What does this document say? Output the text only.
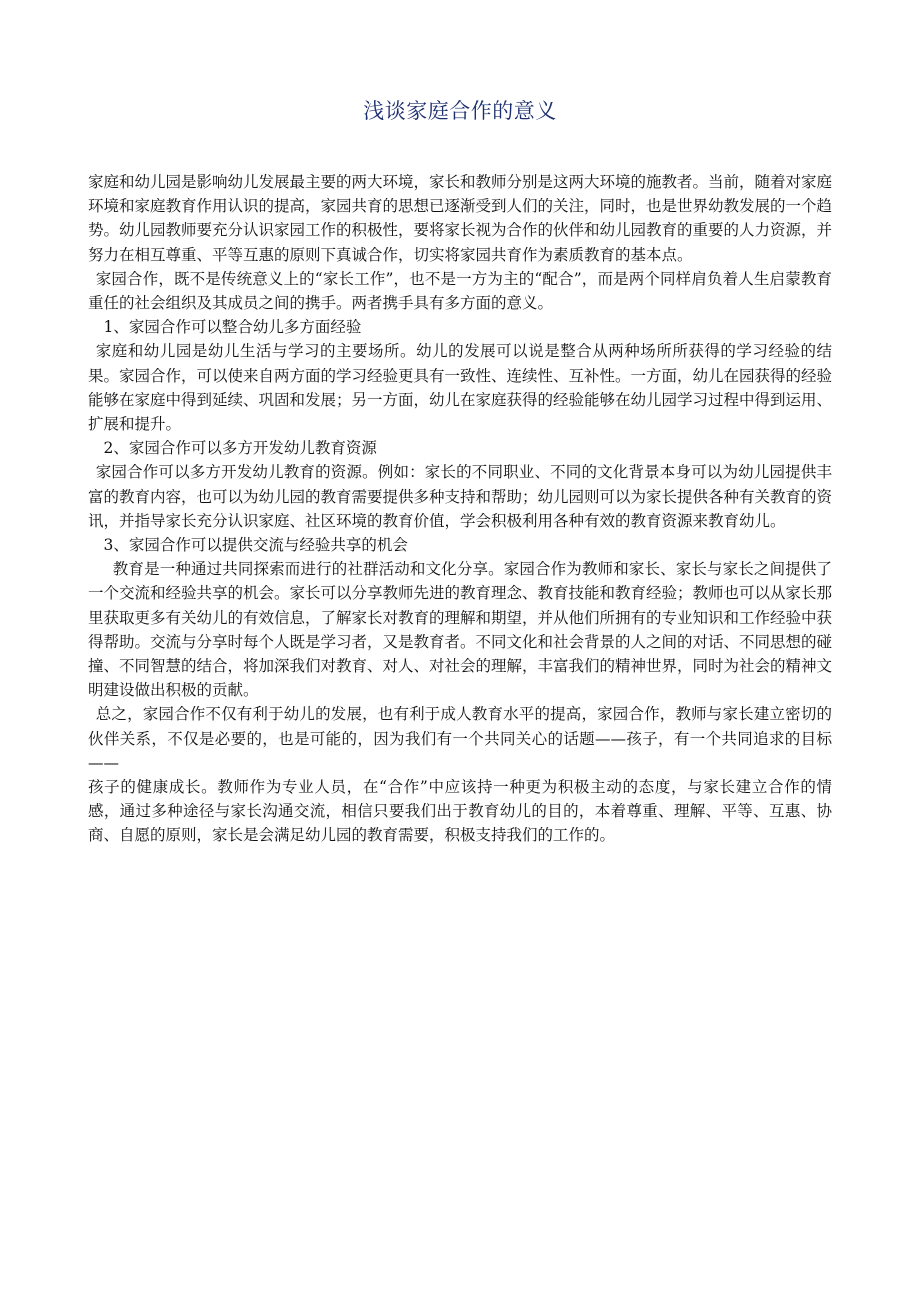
浅谈家庭合作的意义

家庭和幼儿园是影响幼儿发展最主要的两大环境，家长和教师分别是这两大环境的施教者。当前，随着对家庭环境和家庭教育作用认识的提高，家园共育的思想已逐渐受到人们的关注，同时，也是世界幼教发展的一个趋势。幼儿园教师要充分认识家园工作的积极性，要将家长视为合作的伙伴和幼儿园教育的重要的人力资源，并努力在相互尊重、平等互惠的原则下真诚合作，切实将家园共育作为素质教育的基本点。

家园合作，既不是传统意义上的“家长工作”，也不是一方为主的“配合”，而是两个同样肩负着人生启蒙教育重任的社会组织及其成员之间的携手。两者携手具有多方面的意义。

1、家园合作可以整合幼儿多方面经验

家庭和幼儿园是幼儿生活与学习的主要场所。幼儿的发展可以说是整合从两种场所所获得的学习经验的结果。家园合作，可以使来自两方面的学习经验更具有一致性、连续性、互补性。一方面，幼儿在园获得的经验能够在家庭中得到延续、巩固和发展；另一方面，幼儿在家庭获得的经验能够在幼儿园学习过程中得到运用、扩展和提升。

2、家园合作可以多方开发幼儿教育资源

家园合作可以多方开发幼儿教育的资源。例如：家长的不同职业、不同的文化背景本身可以为幼儿园提供丰富的教育内容，也可以为幼儿园的教育需要提供多种支持和帮助；幼儿园则可以为家长提供各种有关教育的资讯，并指导家长充分认识家庭、社区环境的教育价值，学会积极利用各种有效的教育资源来教育幼儿。

3、家园合作可以提供交流与经验共享的机会

教育是一种通过共同探索而进行的社群活动和文化分享。家园合作为教师和家长、家长与家长之间提供了一个交流和经验共享的机会。家长可以分享教师先进的教育理念、教育技能和教育经验；教师也可以从家长那里获取更多有关幼儿的有效信息，了解家长对教育的理解和期望，并从他们所拥有的专业知识和工作经验中获得帮助。交流与分享时每个人既是学习者，又是教育者。不同文化和社会背景的人之间的对话、不同思想的碰撞、不同智慧的结合，将加深我们对教育、对人、对社会的理解，丰富我们的精神世界，同时为社会的精神文明建设做出积极的贡献。

总之，家园合作不仅有利于幼儿的发展，也有利于成人教育水平的提高，家园合作，教师与家长建立密切的伙伴关系，不仅是必要的，也是可能的，因为我们有一个共同关心的话题——孩子，有一个共同追求的目标——

孩子的健康成长。教师作为专业人员，在“合作”中应该持一种更为积极主动的态度，与家长建立合作的情感，通过多种途径与家长沟通交流，相信只要我们出于教育幼儿的目的，本着尊重、理解、平等、互惠、协商、自愿的原则，家长是会满足幼儿园的教育需要，积极支持我们的工作的。
